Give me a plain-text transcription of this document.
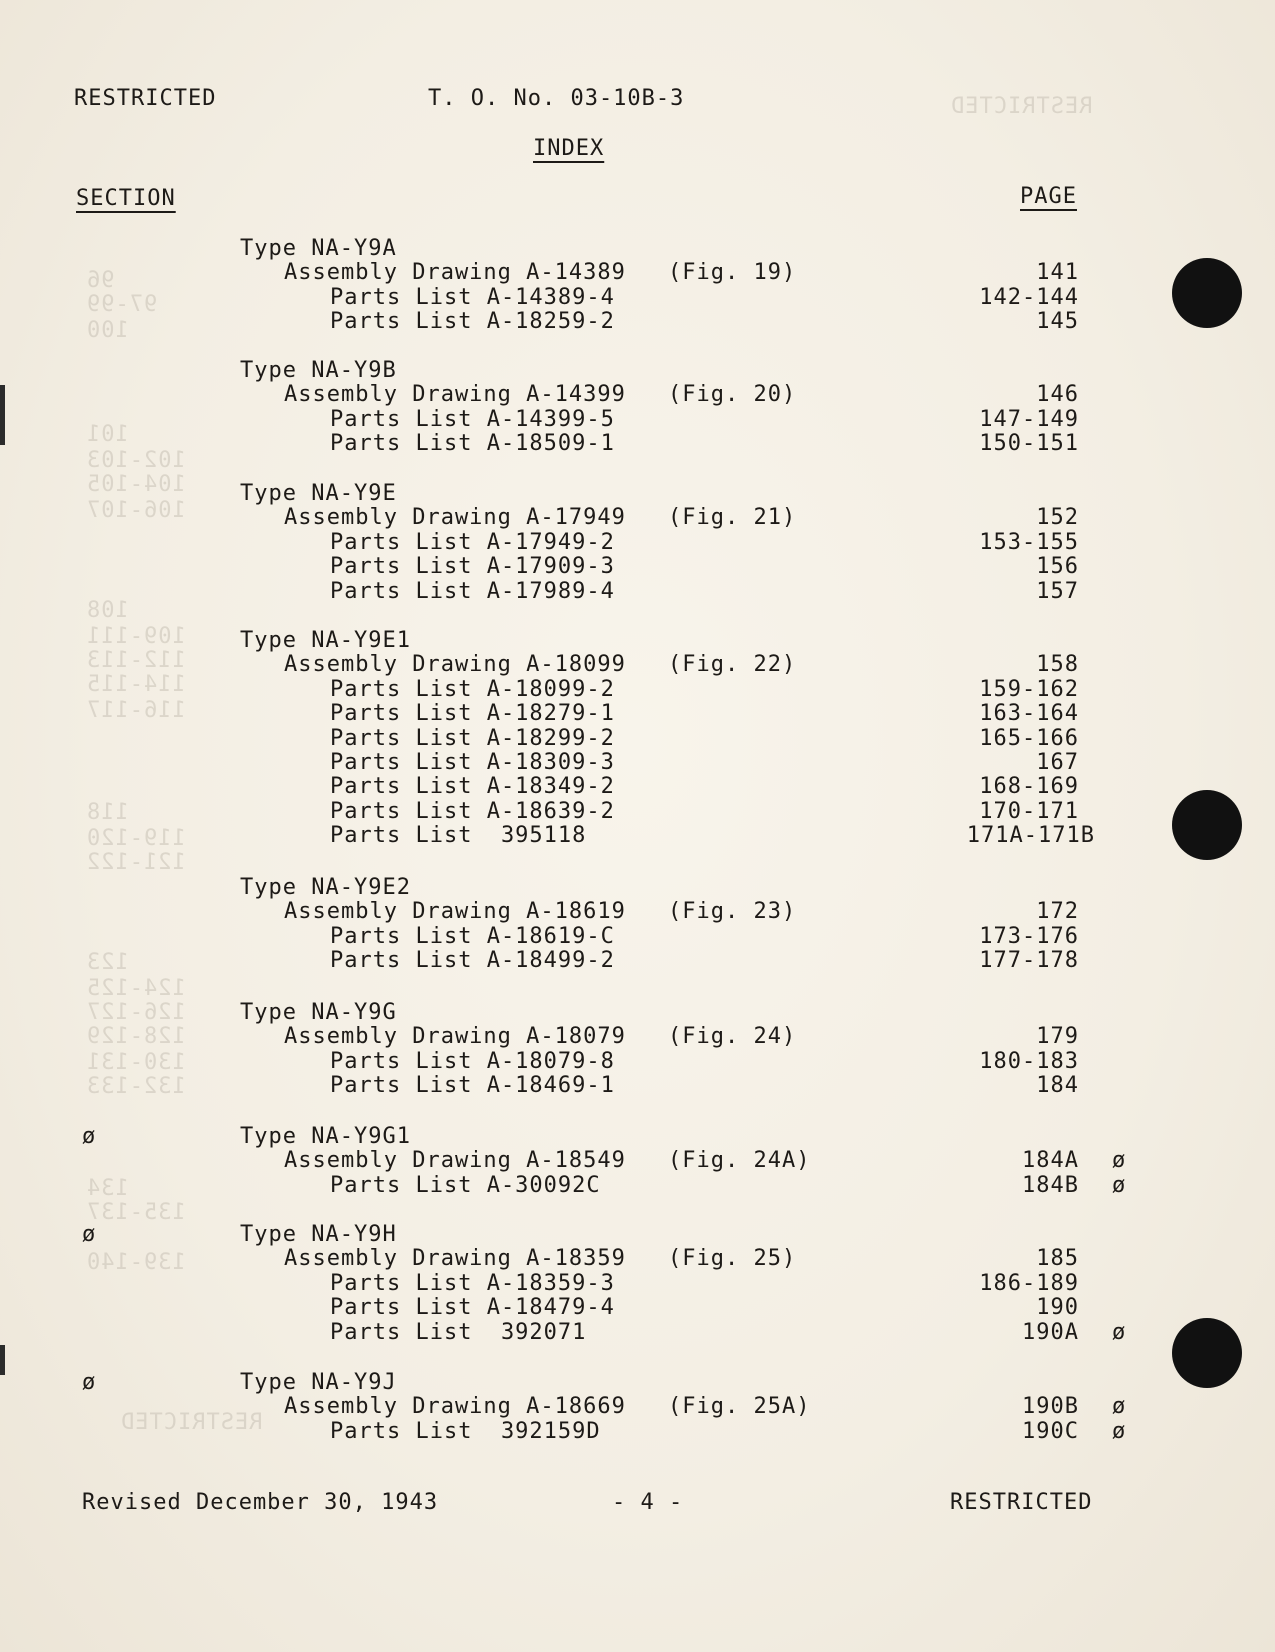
RESTRICTED
96
97-99
100
101
102-103
104-105
106-107
108
109-111
112-113
114-115
116-117
118
119-120
121-122
123
124-125
126-127
128-129
130-131
132-133
134
135-137
139-140
RESTRICTED
RESTRICTED	T. O. No. 03-10B-3
INDEX
SECTION	PAGE
Type NA-Y9A
Assembly Drawing A-14389 (Fig. 19)	141
Parts List A-14389-4	142-144
Parts List A-18259-2	145
Type NA-Y9B
Assembly Drawing A-14399 (Fig. 20)	146
Parts List A-14399-5	147-149
Parts List A-18509-1	150-151
Type NA-Y9E
Assembly Drawing A-17949 (Fig. 21)	152
Parts List A-17949-2	153-155
Parts List A-17909-3	156
Parts List A-17989-4	157
Type NA-Y9E1
Assembly Drawing A-18099 (Fig. 22)	158
Parts List A-18099-2	159-162
Parts List A-18279-1	163-164
Parts List A-18299-2	165-166
Parts List A-18309-3	167
Parts List A-18349-2	168-169
Parts List A-18639-2	170-171
Parts List  395118	171A-171B
Type NA-Y9E2
Assembly Drawing A-18619 (Fig. 23)	172
Parts List A-18619-C	173-176
Parts List A-18499-2	177-178
Type NA-Y9G
Assembly Drawing A-18079 (Fig. 24)	179
Parts List A-18079-8	180-183
Parts List A-18469-1	184
ø	Type NA-Y9G1
Assembly Drawing A-18549 (Fig. 24A)	184A ø
Parts List A-30092C	184B ø
ø	Type NA-Y9H
Assembly Drawing A-18359 (Fig. 25)	185
Parts List A-18359-3	186-189
Parts List A-18479-4	190
Parts List  392071	190A ø
ø	Type NA-Y9J
Assembly Drawing A-18669 (Fig. 25A)	190B ø
Parts List  392159D	190C ø
Revised December 30, 1943	- 4 -	RESTRICTED
